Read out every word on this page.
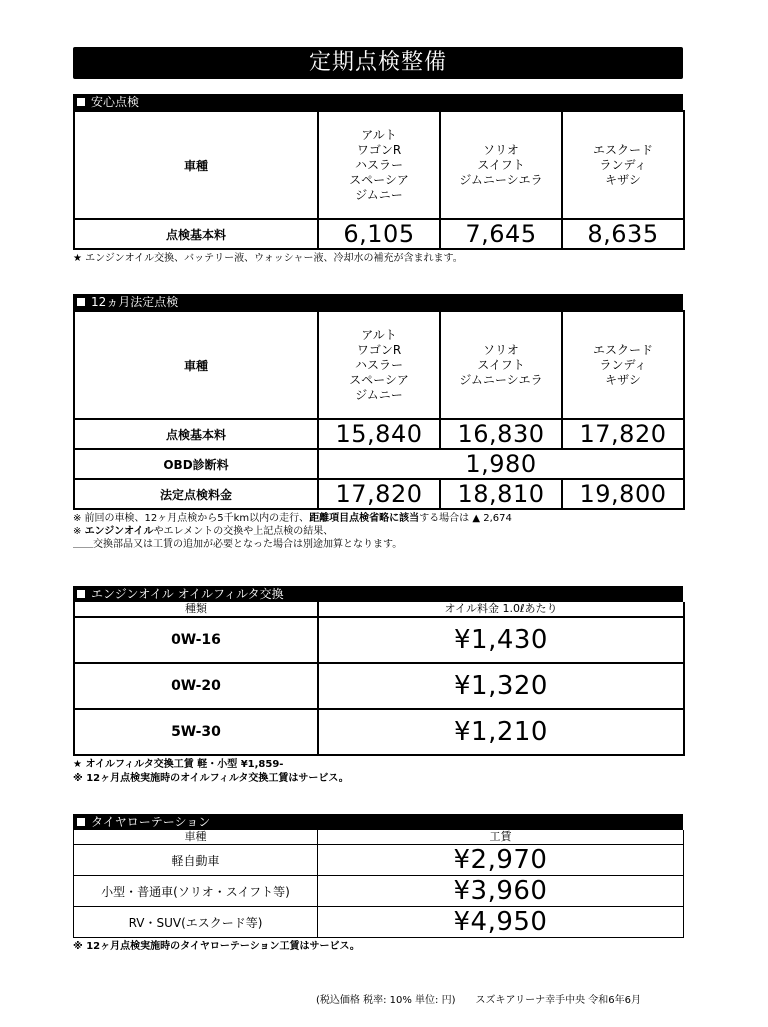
定期点検整備
安心点検
車種	アルト
ワゴンR
ハスラー
スペーシア
ジムニー	ソリオ
スイフト
ジムニーシエラ	エスクード
ランディ
キザシ
点検基本料	6,105	7,645	8,635
★ エンジンオイル交換、バッテリー液、ウォッシャー液、冷却水の補充が含まれます。
12ヵ月法定点検
車種	アルト
ワゴンR
ハスラー
スペーシア
ジムニー	ソリオ
スイフト
ジムニーシエラ	エスクード
ランディ
キザシ
点検基本料	15,840	16,830	17,820
OBD診断料	1,980		
法定点検料金	17,820	18,810	19,800
※ 前回の車検、12ヶ月点検から5千km以内の走行、距離項目点検省略に該当する場合は ▲ 2,674
※ エンジンオイルやエレメントの交換や上記点検の結果、
＿＿交換部品又は工賃の追加が必要となった場合は別途加算となります。
エンジンオイル オイルフィルタ交換
種類	オイル料金 1.0ℓあたり
0W-16	¥1,430
0W-20	¥1,320
5W-30	¥1,210
★ オイルフィルタ交換工賃 軽・小型 ¥1,859-
※ 12ヶ月点検実施時のオイルフィルタ交換工賃はサービス。
タイヤローテーション
車種	工賃
軽自動車	¥2,970
小型・普通車(ソリオ・スイフト等)	¥3,960
RV・SUV(エスクード等)	¥4,950
※ 12ヶ月点検実施時のタイヤローテーション工賃はサービス。
(税込価格 税率: 10% 単位: 円)　　スズキアリーナ幸手中央 令和6年6月
